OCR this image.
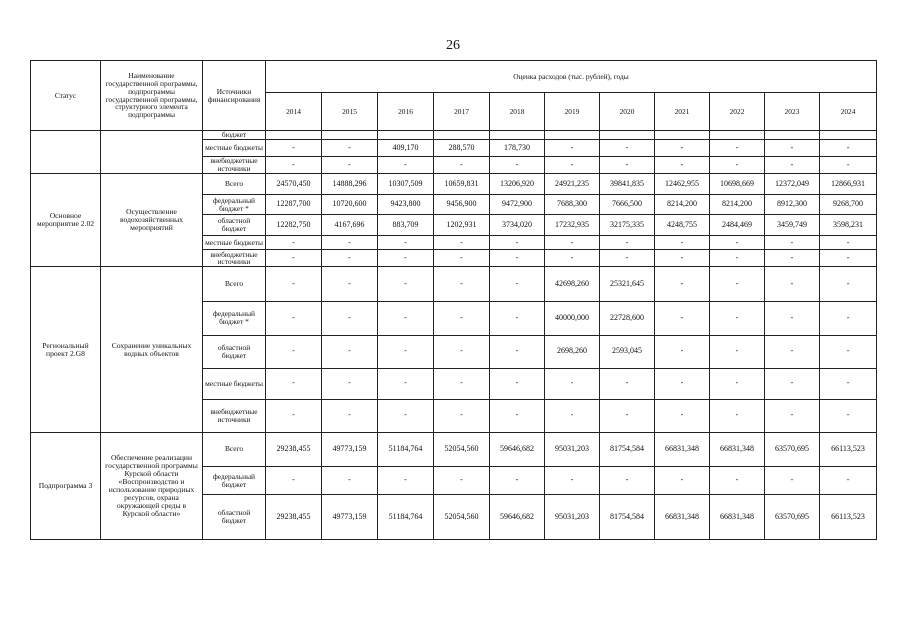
26
Статус	Наименование государственной программы, подпрограммы государственной программы, структурного элемента подпрограммы	Источники финансирования	Оценка расходов (тыс. рублей), годы										
			2014	2015	2016	2017	2018	2019	2020	2021	2022	2023	2024
		бюджет											
		местные бюджеты	-	-	409,170	288,570	178,730	-	-	-	-	-	-
		внебюджетные источники	-	-	-	-	-	-	-	-	-	-	-
Основное мероприятие 2.02	Осуществление водохозяйственных мероприятий	Всего	24570,450	14888,296	10307,509	10659,831	13206,920	24921,235	39841,835	12462,955	10698,669	12372,049	12866,931
		федеральный бюджет *	12287,700	10720,600	9423,800	9456,900	9472,900	7688,300	7666,500	8214,200	8214,200	8912,300	9268,700
		областной бюджет	12282,750	4167,696	883,709	1202,931	3734,020	17232,935	32175,335	4248,755	2484,469	3459,749	3598,231
		местные бюджеты	-	-	-	-	-	-	-	-	-	-	-
		внебюджетные источники	-	-	-	-	-	-	-	-	-	-	-
Региональный проект 2.G8	Сохранение уникальных водных объектов	Всего	-	-	-	-	-	42698,260	25321,645	-	-	-	-
		федеральный бюджет *	-	-	-	-	-	40000,000	22728,600	-	-	-	-
		областной бюджет	-	-	-	-	-	2698,260	2593,045	-	-	-	-
		местные бюджеты	-	-	-	-	-	-	-	-	-	-	-
		внебюджетные источники	-	-	-	-	-	-	-	-	-	-	-
Подпрограмма 3	Обеспечение реализации государственной программы Курской области «Воспроизводство и использование природных ресурсов, охрана окружающей среды в Курской области»	Всего	29238,455	49773,159	51184,764	52054,560	59646,682	95031,203	81754,584	66831,348	66831,348	63570,695	66113,523
		федеральный бюджет	-	-	-	-	-	-	-	-	-	-	-
		областной бюджет	29238,455	49773,159	51184,764	52054,560	59646,682	95031,203	81754,584	66831,348	66831,348	63570,695	66113,523
